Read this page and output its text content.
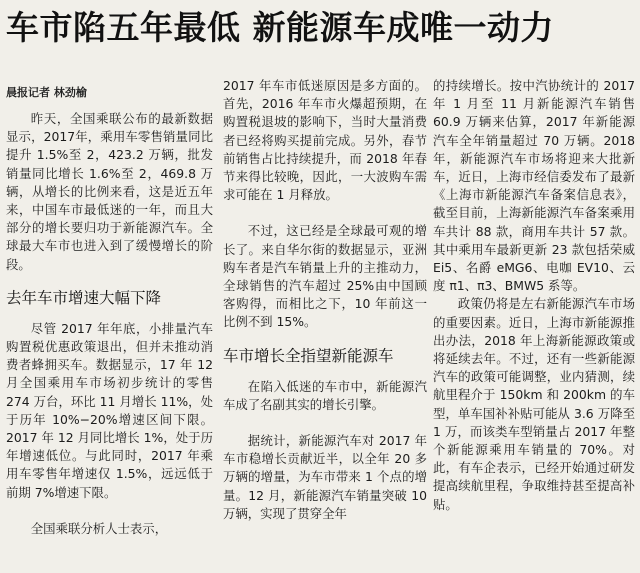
车市陷五年最低 新能源车成唯一动力
晨报记者 林劲榆

昨天，全国乘联公布的最新数据显示，2017年，乘用车零售销量同比提升 1.5%至 2，423.2 万辆，批发销量同比增长 1.6%至 2，469.8 万辆，从增长的比例来看，这是近五年来，中国车市最低迷的一年，而且大部分的增长要归功于新能源汽车。全球最大车市也进入到了缓慢增长的阶段。

去年车市增速大幅下降

尽管 2017 年年底，小排量汽车购置税优惠政策退出，但并未推动消费者蜂拥买车。数据显示，17 年 12 月全国乘用车市场初步统计的零售 274 万台，环比 11 月增长 11%，处于历年 10%−20%增速区间下限。2017 年 12 月同比增长 1%，处于历年增速低位。与此同时，2017 年乘用车零售年增速仅 1.5%，远远低于前期 7%增速下限。

全国乘联分析人士表示，

2017 年车市低迷原因是多方面的。首先，2016 年车市火爆超预期，在购置税退坡的影响下，当时大量消费者已经将购买提前完成。另外，春节前销售占比持续提升，而 2018 年春节来得比较晚，因此，一大波购车需求可能在 1 月释放。

不过，这已经是全球最可观的增长了。来自华尔街的数据显示，亚洲购车者是汽车销量上升的主推动力，全球销售的汽车超过 25%由中国顾客购得，而相比之下，10 年前这一比例不到 15%。

车市增长全指望新能源车

在陷入低迷的车市中，新能源汽车成了名副其实的增长引擎。

据统计，新能源汽车对 2017 年车市稳增长贡献近半，以全年 20 多万辆的增量，为车市带来 1 个点的增量。12 月，新能源汽车销量突破 10 万辆，实现了贯穿全年

的持续增长。按中汽协统计的 2017 年 1 月至 11 月新能源汽车销售 60.9 万辆来估算，2017 年新能源汽车全年销量超过 70 万辆。2018 年，新能源汽车市场将迎来大批新车，近日，上海市经信委发布了最新《上海市新能源汽车备案信息表》，截至目前，上海新能源汽车备案乘用车共计 88 款，商用车共计 57 款。其中乘用车最新更新 23 款包括荣威 Ei5、名爵 eMG6、电咖 EV10、云度 π1、π3、BMW5 系等。

政策仍将是左右新能源汽车市场的重要因素。近日，上海市新能源推出办法，2018 年上海新能源政策或将延续去年。不过，还有一些新能源汽车的政策可能调整，业内猜测，续航里程介于 150km 和 200km 的车型，单车国补补贴可能从 3.6 万降至 1 万，而该类车型销量占 2017 年整个新能源乘用车销量的 70%。对此，有车企表示，已经开始通过研发提高续航里程，争取维持甚至提高补贴。
